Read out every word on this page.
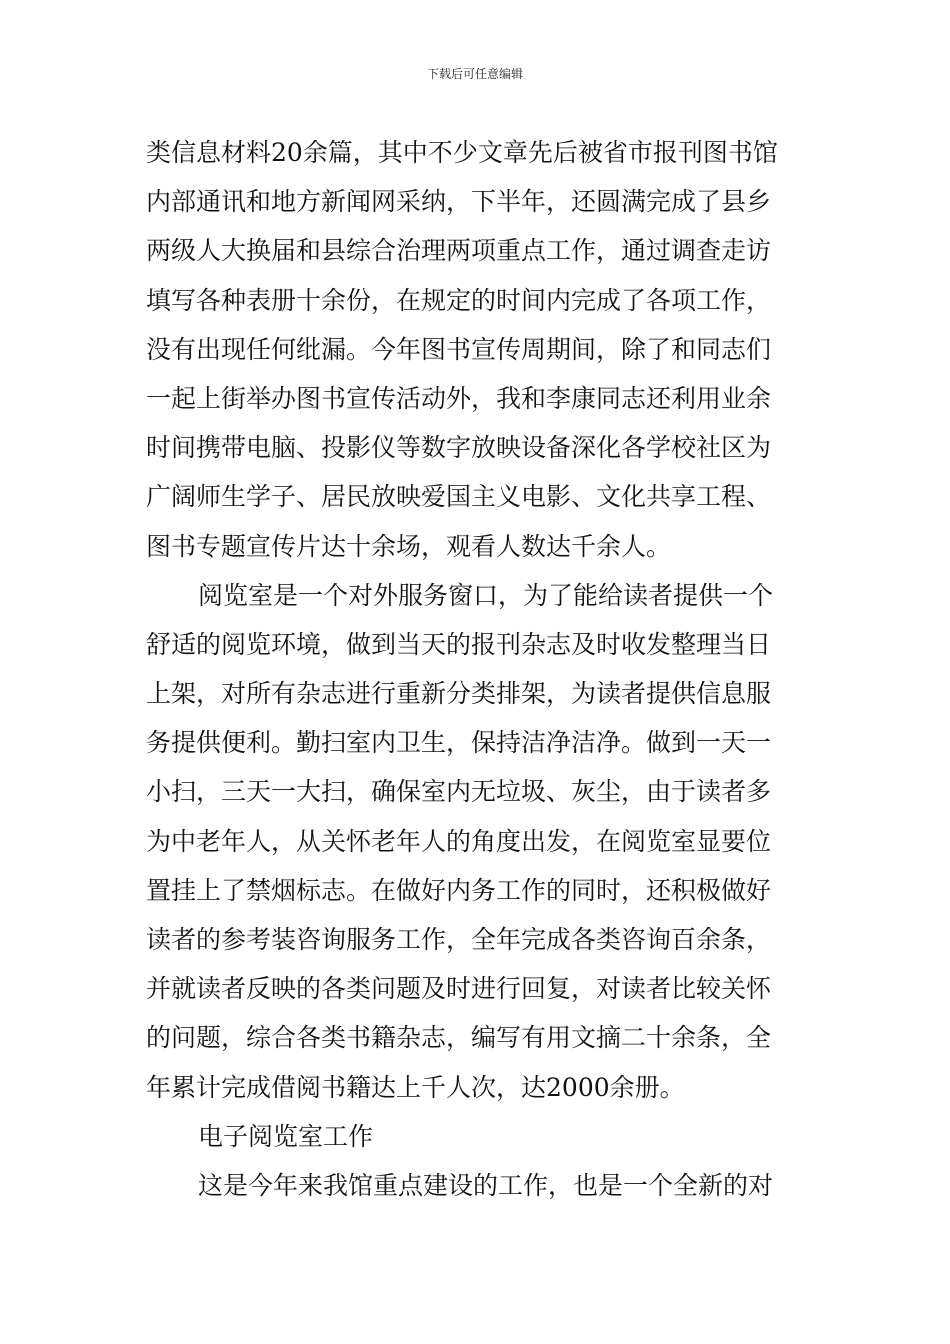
下载后可任意编辑
类信息材料20余篇，其中不少文章先后被省市报刊图书馆
内部通讯和地方新闻网采纳，下半年，还圆满完成了县乡
两级人大换届和县综合治理两项重点工作，通过调查走访
填写各种表册十余份，在规定的时间内完成了各项工作，
没有出现任何纰漏。今年图书宣传周期间，除了和同志们
一起上街举办图书宣传活动外，我和李康同志还利用业余
时间携带电脑、投影仪等数字放映设备深化各学校社区为
广阔师生学子、居民放映爱国主义电影、文化共享工程、
图书专题宣传片达十余场，观看人数达千余人。
阅览室是一个对外服务窗口，为了能给读者提供一个
舒适的阅览环境，做到当天的报刊杂志及时收发整理当日
上架，对所有杂志进行重新分类排架，为读者提供信息服
务提供便利。勤扫室内卫生，保持洁净洁净。做到一天一
小扫，三天一大扫，确保室内无垃圾、灰尘，由于读者多
为中老年人，从关怀老年人的角度出发，在阅览室显要位
置挂上了禁烟标志。在做好内务工作的同时，还积极做好
读者的参考装咨询服务工作，全年完成各类咨询百余条，
并就读者反映的各类问题及时进行回复，对读者比较关怀
的问题，综合各类书籍杂志，编写有用文摘二十余条，全
年累计完成借阅书籍达上千人次，达2000余册。
电子阅览室工作
这是今年来我馆重点建设的工作，也是一个全新的对
